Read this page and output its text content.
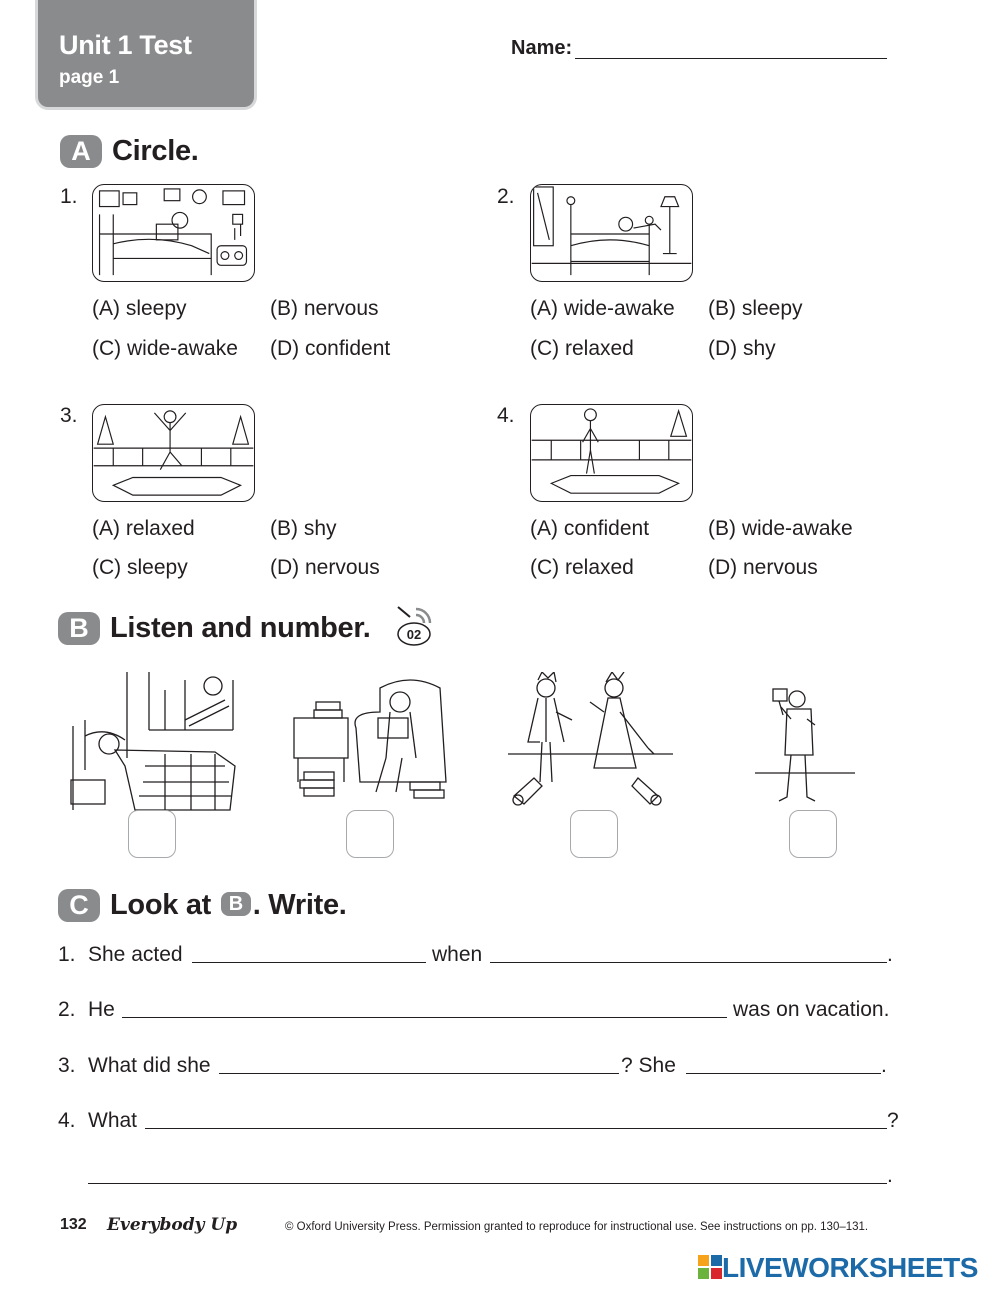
Unit 1 Test
page 1
Name:
A Circle.
1.
(A) sleepy	(B) nervous
(C) wide-awake (D) confident
2.
(A) wide-awake (B) sleepy
(C) relaxed	(D) shy
3.
(A) relaxed	(B) shy
(C) sleepy	(D) nervous
4.
(A) confident	(B) wide-awake
(C) relaxed	(D) nervous
B Listen and number.	02
C Look at B . Write.
1. She acted	when	.
2. He	was on vacation.
3. What did she	? She	.
4. What	?
.
132 Everybody Up	© Oxford University Press. Permission granted to reproduce for instructional use. See instructions on pp. 130–131.
LIVEWORKSHEETS
